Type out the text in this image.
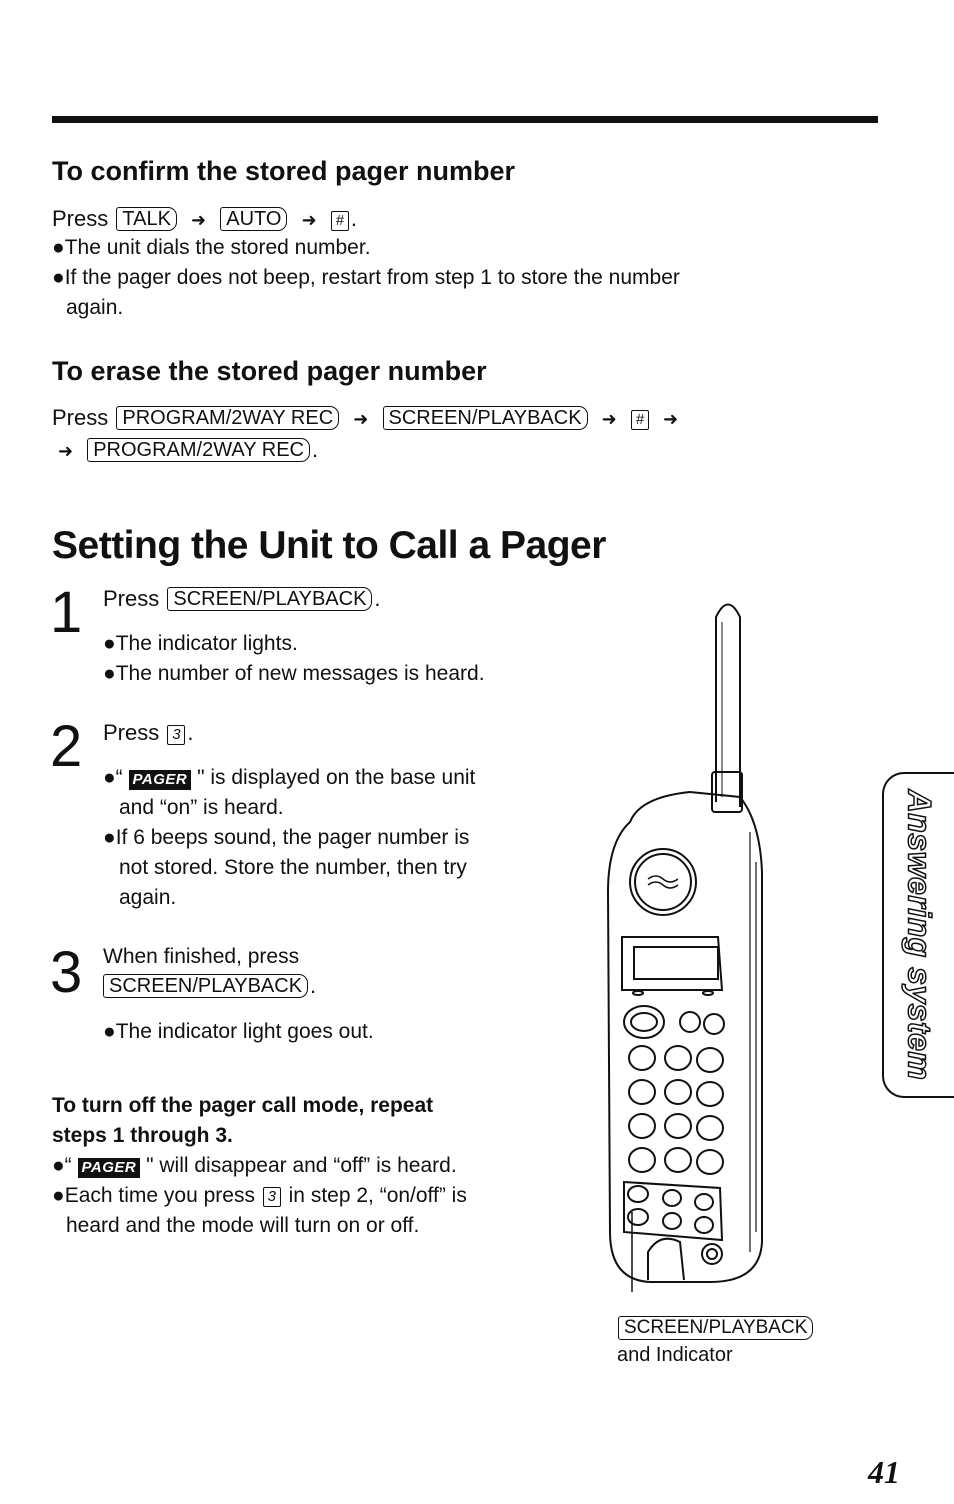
To confirm the stored pager number
Press TALK ➜ AUTO ➜ # .
●The unit dials the stored number.
●If the pager does not beep, restart from step 1 to store the number
again.
To erase the stored pager number
Press PROGRAM/2WAY REC ➜ SCREEN/PLAYBACK ➜ # ➜
➜ PROGRAM/2WAY REC .
Setting the Unit to Call a Pager
1 Press SCREEN/PLAYBACK .
●The indicator lights.
●The number of new messages is heard.
2 Press 3 .
●“ PAGER " is displayed on the base unit
and “on” is heard.
●If 6 beeps sound, the pager number is
not stored. Store the number, then try
again.
3 When finished, press
SCREEN/PLAYBACK .
●The indicator light goes out.
To turn off the pager call mode, repeat
steps 1 through 3.
●“ PAGER " will disappear and “off” is heard.
●Each time you press 3 in step 2, “on/off” is
heard and the mode will turn on or off.
SCREEN/PLAYBACK
and Indicator
Answering system
41
